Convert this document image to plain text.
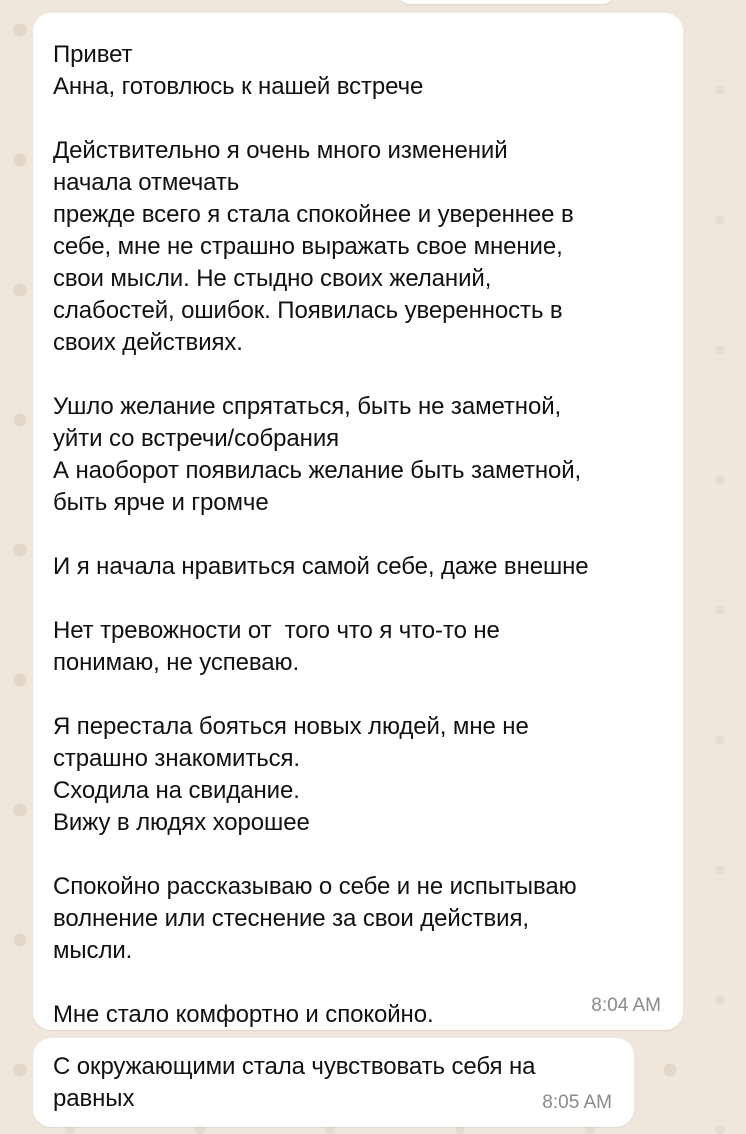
Привет
Анна, готовлюсь к нашей встрече
Действительно я очень много изменений
начала отмечать
прежде всего я стала спокойнее и увереннее в
себе, мне не страшно выражать свое мнение,
свои мысли. Не стыдно своих желаний,
слабостей, ошибок. Появилась уверенность в
своих действиях.
Ушло желание спрятаться, быть не заметной,
уйти со встречи/собрания
А наоборот появилась желание быть заметной,
быть ярче и громче
И я начала нравиться самой себе, даже внешне
Нет тревожности от  того что я что-то не
понимаю, не успеваю.
Я перестала бояться новых людей, мне не
страшно знакомиться.
Сходила на свидание.
Вижу в людях хорошее
Спокойно рассказываю о себе и не испытываю
волнение или стеснение за свои действия,
мысли.
Мне стало комфортно и спокойно.	8:04 AM
С окружающими стала чувствовать себя на
равных	8:05 AM
